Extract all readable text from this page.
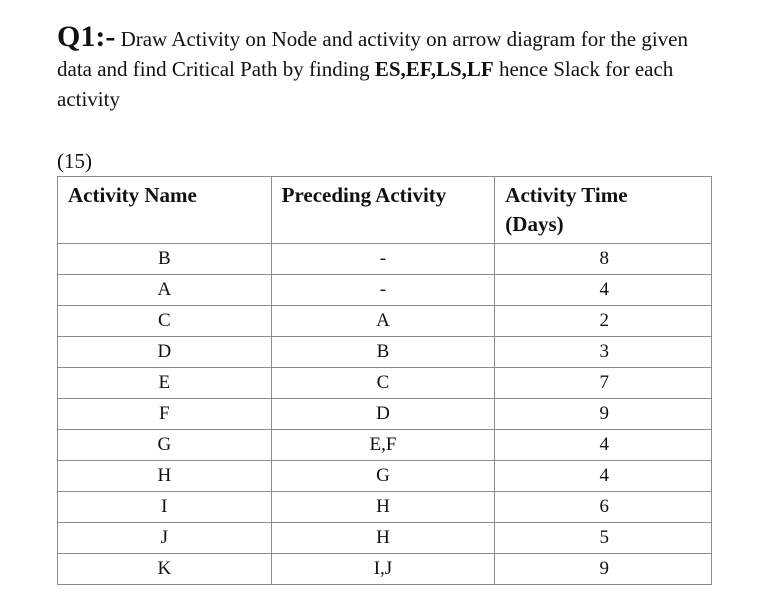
Q1:- Draw Activity on Node and activity on arrow diagram for the given data and find Critical Path by finding ES,EF,LS,LF hence Slack for each activity
(15)
Activity Name	Preceding Activity	Activity Time
(Days)
B	-	8
A	-	4
C	A	2
D	B	3
E	C	7
F	D	9
G	E,F	4
H	G	4
I	H	6
J	H	5
K	I,J	9
